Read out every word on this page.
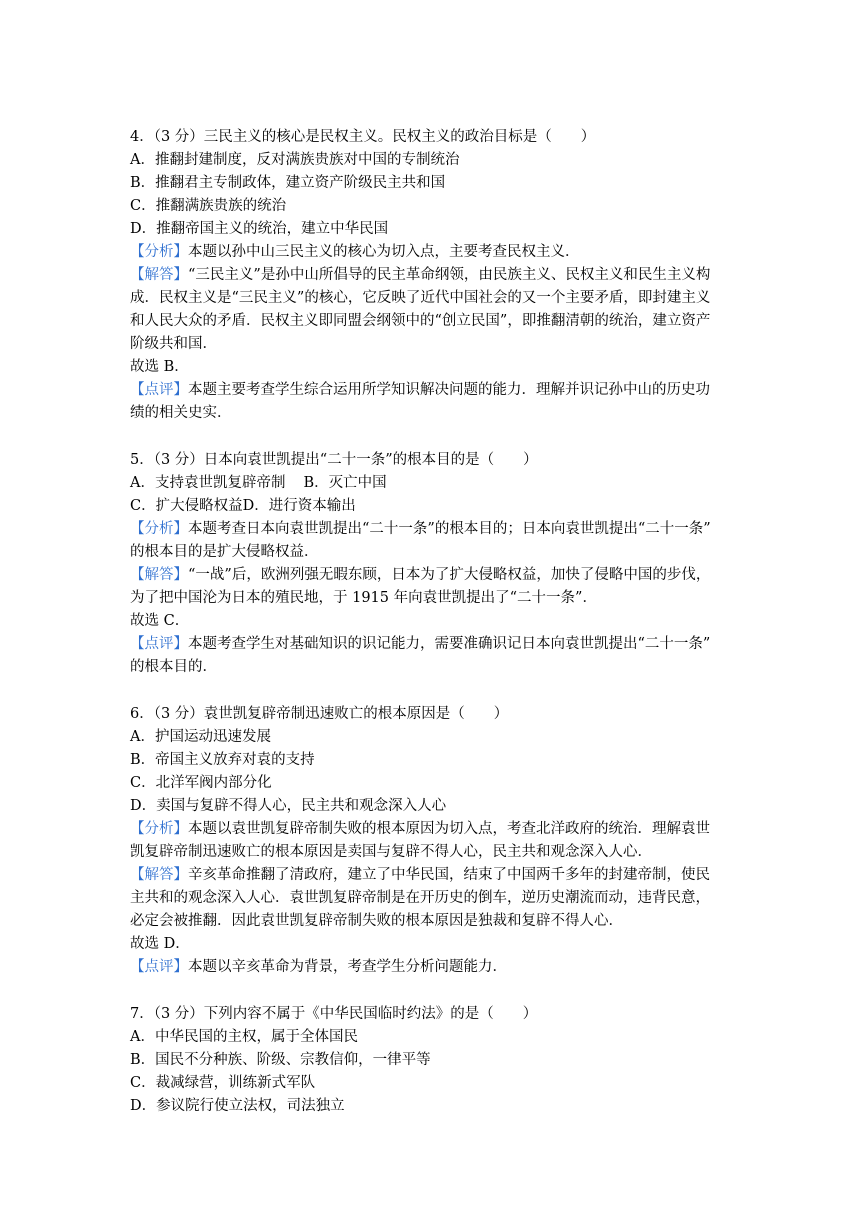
4．（3 分）三民主义的核心是民权主义。民权主义的政治目标是（　　）
A．推翻封建制度，反对满族贵族对中国的专制统治
B．推翻君主专制政体，建立资产阶级民主共和国
C．推翻满族贵族的统治
D．推翻帝国主义的统治，建立中华民国
【分析】本题以孙中山三民主义的核心为切入点，主要考查民权主义．
【解答】“三民主义”是孙中山所倡导的民主革命纲领，由民族主义、民权主义和民生主义构
成．民权主义是“三民主义”的核心，它反映了近代中国社会的又一个主要矛盾，即封建主义
和人民大众的矛盾．民权主义即同盟会纲领中的“创立民国”，即推翻清朝的统治，建立资产
阶级共和国．
故选 B．
【点评】本题主要考查学生综合运用所学知识解决问题的能力．理解并识记孙中山的历史功
绩的相关史实．
5．（3 分）日本向袁世凯提出“二十一条”的根本目的是（　　）
A．支持袁世凯复辟帝制 B．灭亡中国
C．扩大侵略权益D．进行资本输出
【分析】本题考查日本向袁世凯提出“二十一条”的根本目的；日本向袁世凯提出“二十一条”
的根本目的是扩大侵略权益．
【解答】“一战”后，欧洲列强无暇东顾，日本为了扩大侵略权益，加快了侵略中国的步伐，
为了把中国沦为日本的殖民地，于 1915 年向袁世凯提出了“二十一条”．
故选 C．
【点评】本题考查学生对基础知识的识记能力，需要准确识记日本向袁世凯提出“二十一条”
的根本目的．
6．（3 分）袁世凯复辟帝制迅速败亡的根本原因是（　　）
A．护国运动迅速发展
B．帝国主义放弃对袁的支持
C．北洋军阀内部分化
D．卖国与复辟不得人心，民主共和观念深入人心
【分析】本题以袁世凯复辟帝制失败的根本原因为切入点，考查北洋政府的统治．理解袁世
凯复辟帝制迅速败亡的根本原因是卖国与复辟不得人心，民主共和观念深入人心．
【解答】辛亥革命推翻了清政府，建立了中华民国，结束了中国两千多年的封建帝制，使民
主共和的观念深入人心．袁世凯复辟帝制是在开历史的倒车，逆历史潮流而动，违背民意，
必定会被推翻．因此袁世凯复辟帝制失败的根本原因是独裁和复辟不得人心．
故选 D．
【点评】本题以辛亥革命为背景，考查学生分析问题能力．
7．（3 分）下列内容不属于《中华民国临时约法》的是（　　）
A．中华民国的主权，属于全体国民
B．国民不分种族、阶级、宗教信仰，一律平等
C．裁减绿营，训练新式军队
D．参议院行使立法权，司法独立
